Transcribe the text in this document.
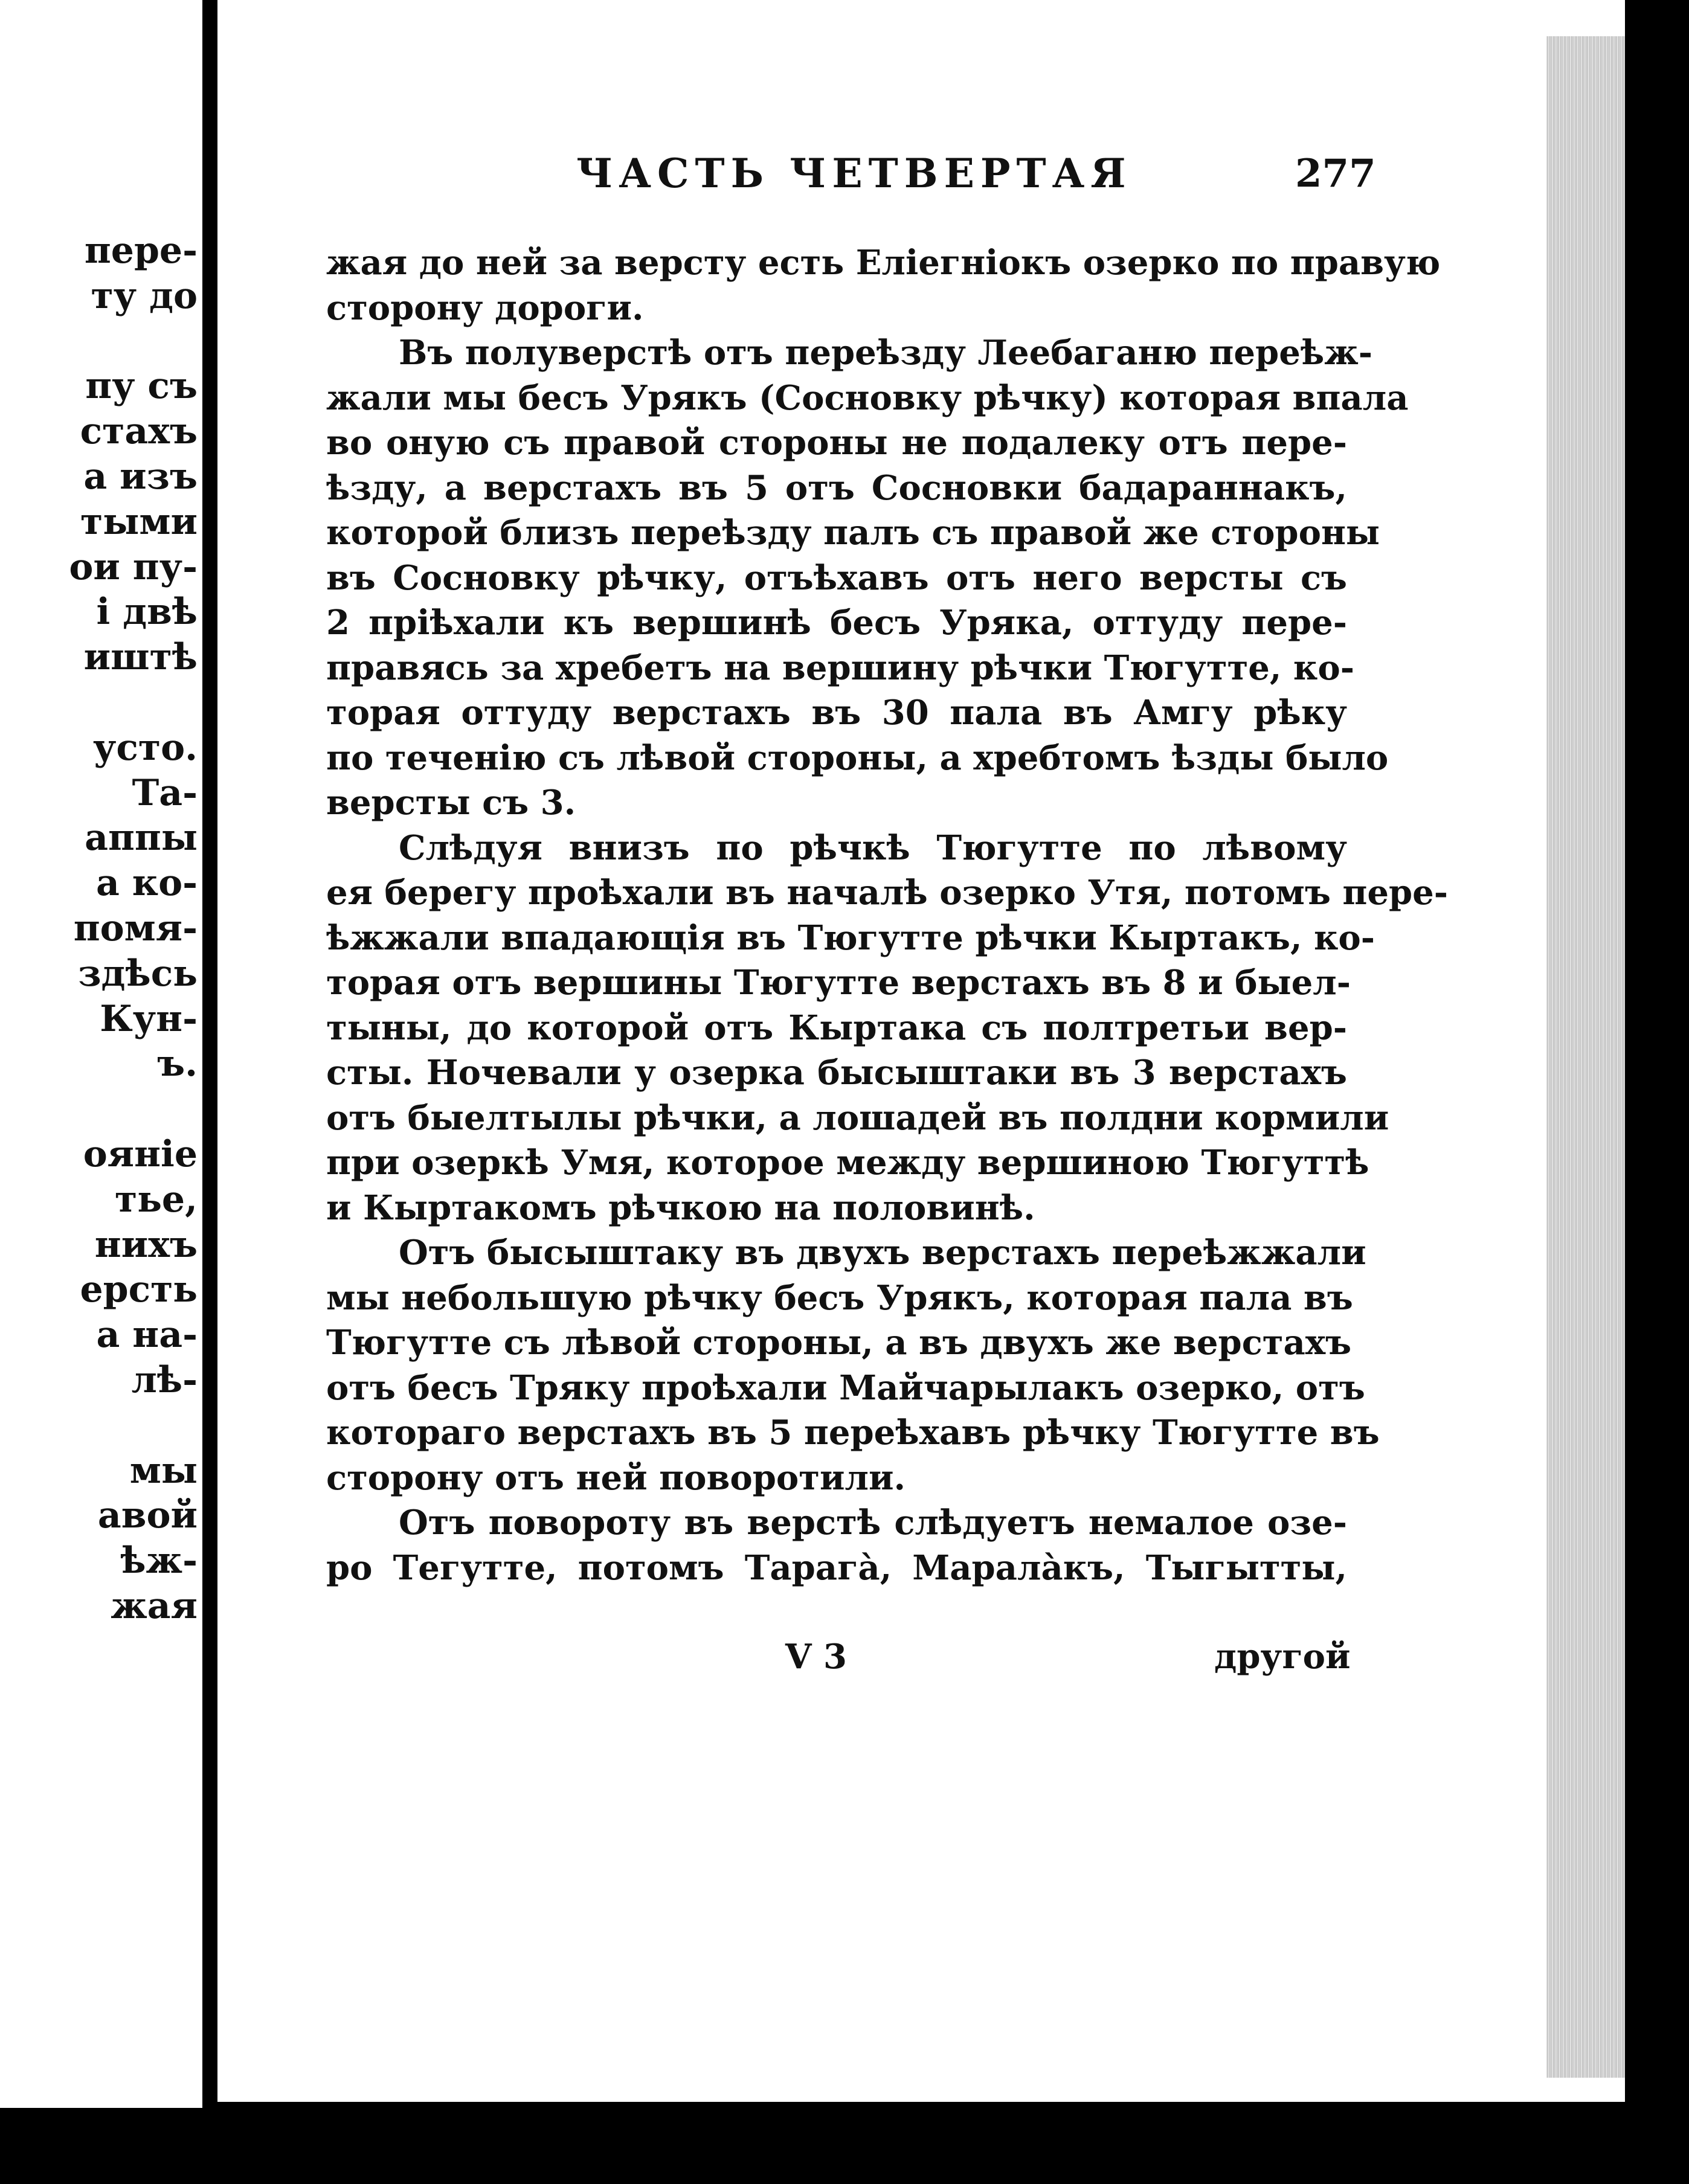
пере-
ту до
пу съ
стахъ
а изъ
тыми
ои пу-
і двѣ
иштѣ
усто.
Та-
аппы
а ко-
помя-
здѣсь
Кун-
ъ.
ояніе
тье,
нихъ
ерсть
а на-
лѣ-
мы
авой
ѣж-
жая
ЧАСТЬ ЧЕТВЕРТАЯ	277
жая до ней за версту есть Еліегніокъ озерко по правую
сторону дороги.
Въ полуверстѣ отъ переѣзду Леебаганю переѣж-
жали мы бесъ Урякъ (Сосновку рѣчку) которая впала
во оную съ правой стороны не подалеку отъ пере-
ѣзду, а верстахъ въ 5 отъ Сосновки бадараннакъ,
которой близъ переѣзду палъ съ правой же стороны
въ Сосновку рѣчку, отъѣхавъ отъ него версты съ
2 пріѣхали къ вершинѣ бесъ Уряка, оттуду пере-
правясь за хребетъ на вершину рѣчки Тюгутте, ко-
торая оттуду верстахъ въ 30 пала въ Амгу рѣку
по теченію съ лѣвой стороны, а хребтомъ ѣзды было
версты съ 3.
Слѣдуя внизъ по рѣчкѣ Тюгутте по лѣвому
ея берегу проѣхали въ началѣ озерко Утя, потомъ пере-
ѣжжали впадающія въ Тюгутте рѣчки Кыртакъ, ко-
торая отъ вершины Тюгутте верстахъ въ 8 и быел-
тыны, до которой отъ Кыртака съ полтретьи вер-
сты. Ночевали у озерка бысыштаки въ 3 верстахъ
отъ быелтылы рѣчки, а лошадей въ полдни кормили
при озеркѣ Умя, которое между вершиною Тюгуттѣ
и Кыртакомъ рѣчкою на половинѣ.
Отъ бысыштаку въ двухъ верстахъ переѣжжали
мы небольшую рѣчку бесъ Урякъ, которая пала въ
Тюгутте съ лѣвой стороны, а въ двухъ же верстахъ
отъ бесъ Тряку проѣхали Майчарылакъ озерко, отъ
котораго верстахъ въ 5 переѣхавъ рѣчку Тюгутте въ
сторону отъ ней поворотили.
Отъ повороту въ верстѣ слѣдуетъ немалое озе-
ро Тегутте, потомъ Тарагà, Маралàкъ, Тыгытты,
V 3	другой
